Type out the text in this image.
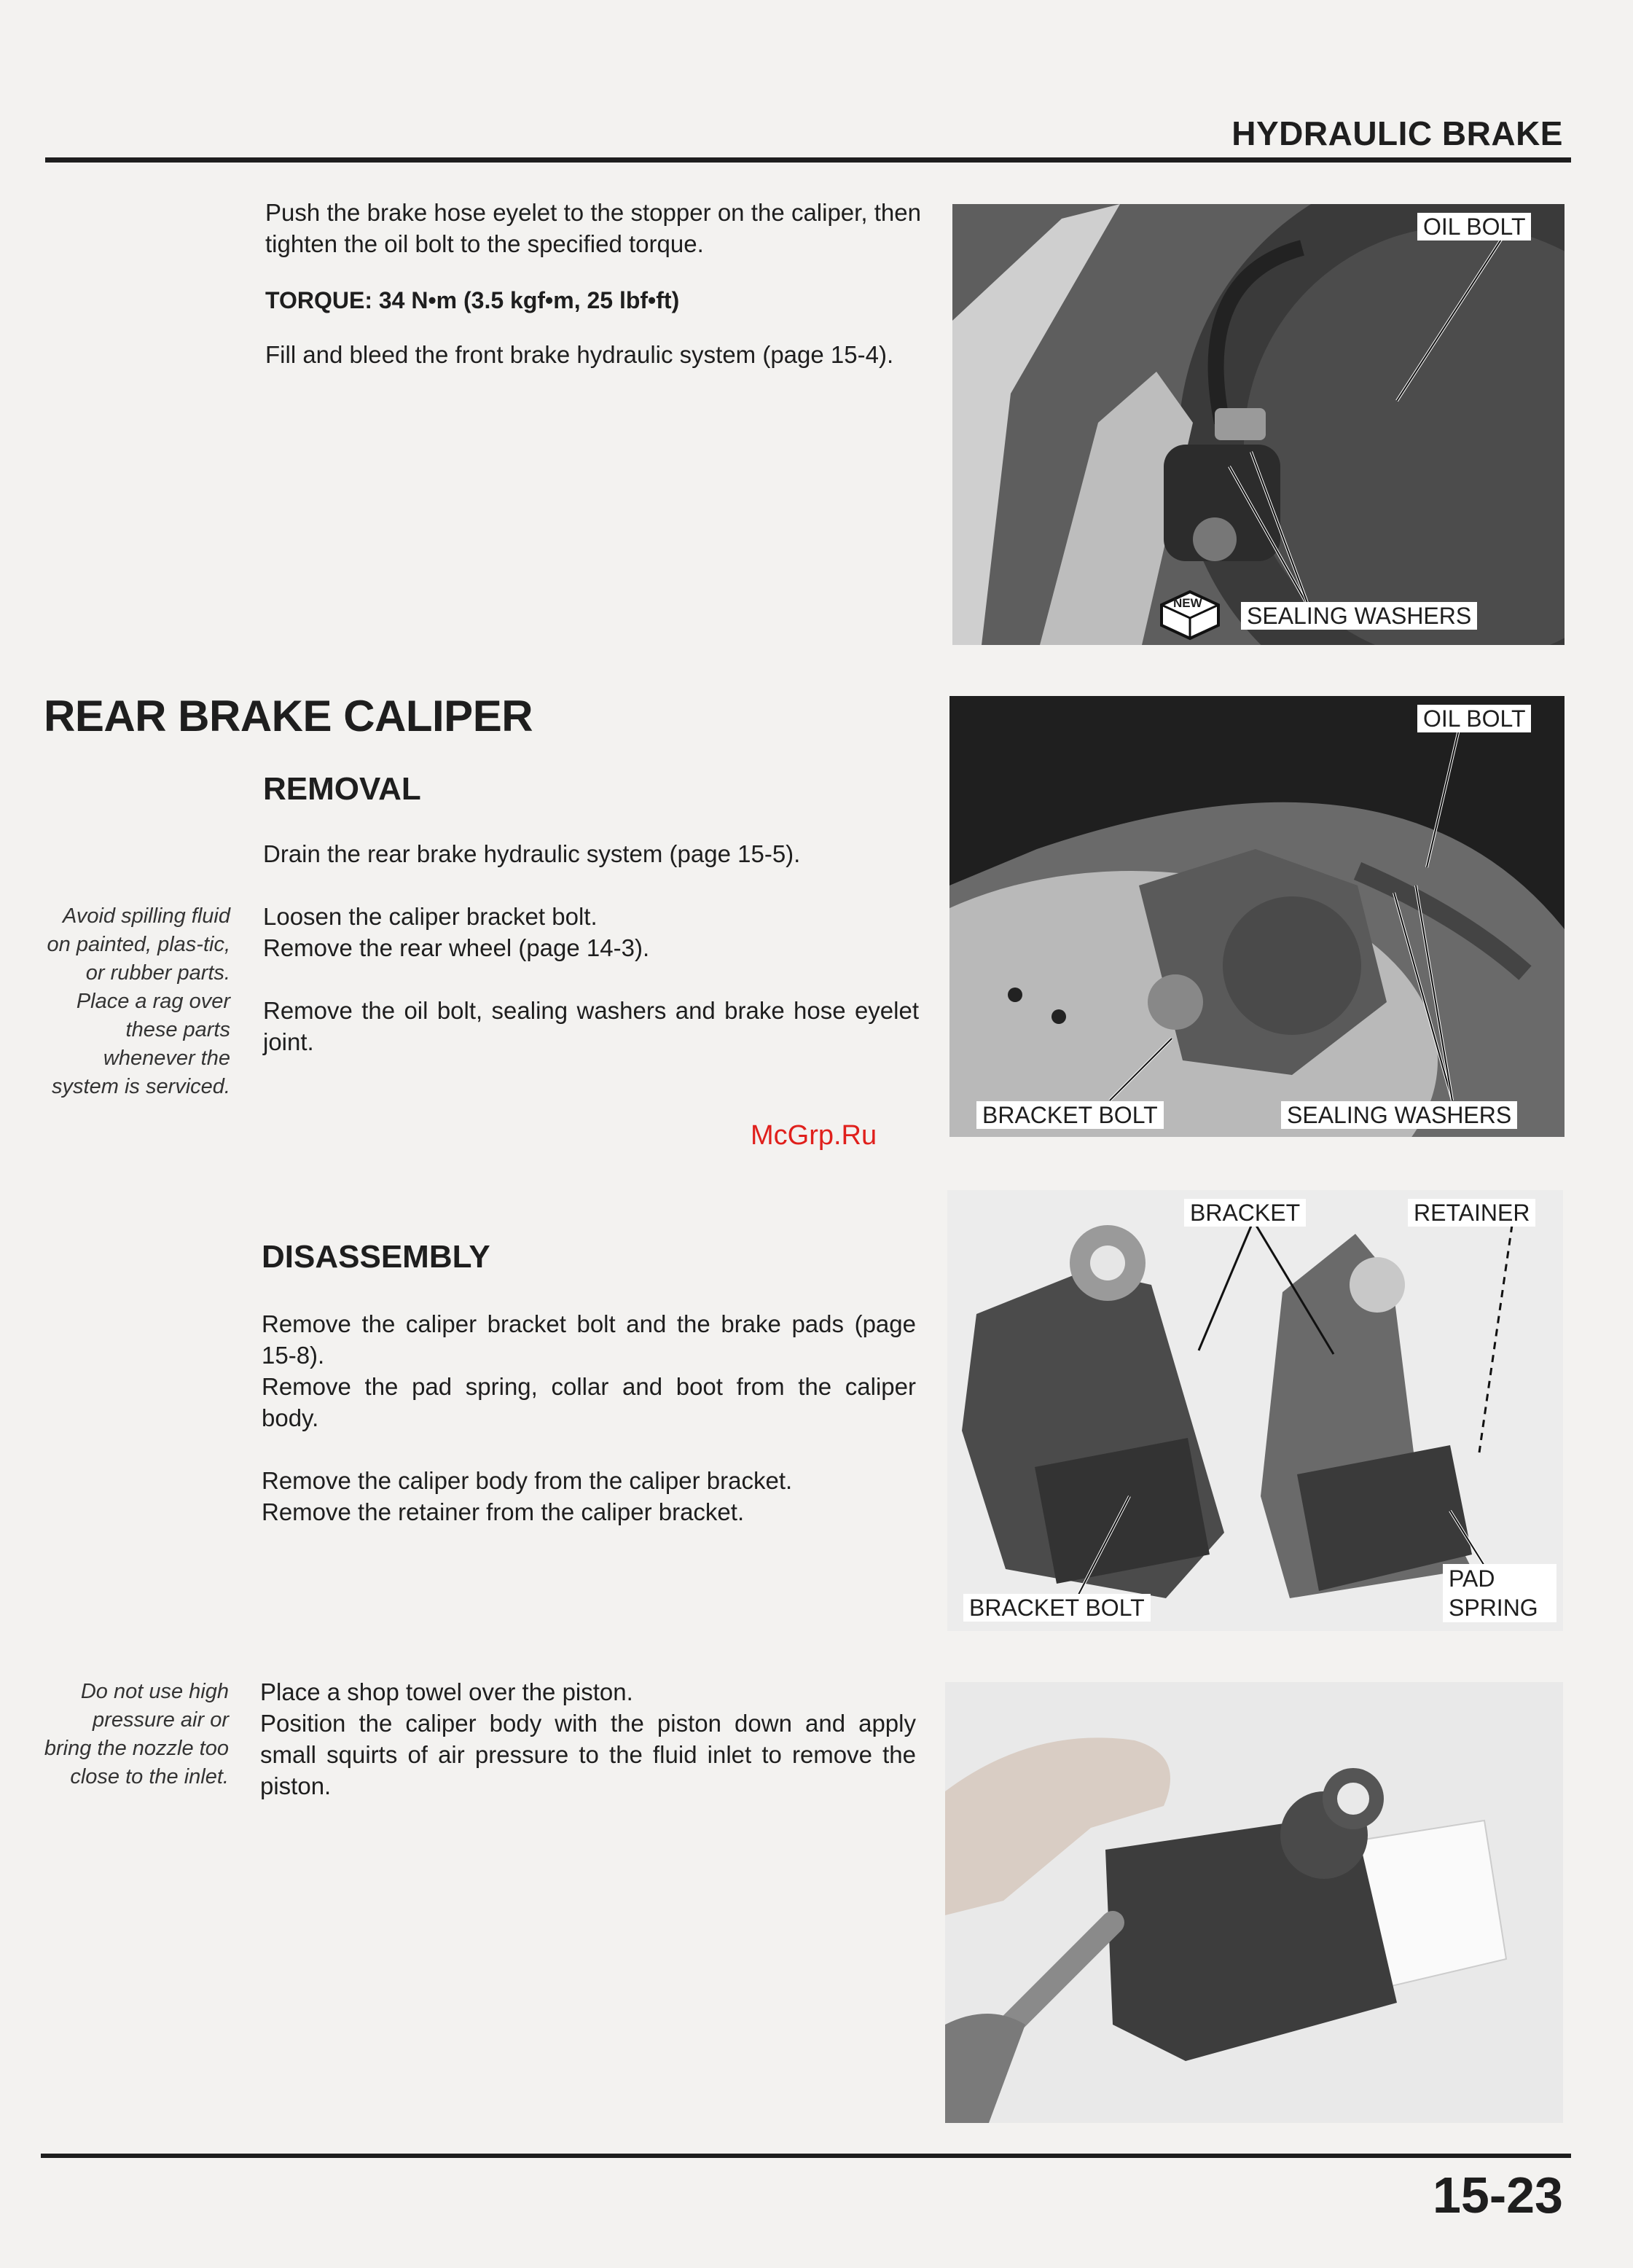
HYDRAULIC BRAKE

Push the brake hose eyelet to the stopper on the caliper, then tighten the oil bolt to the specified torque.

TORQUE: 34 N•m (3.5 kgf•m, 25 lbf•ft)

Fill and bleed the front brake hydraulic system (page 15-4).

OIL BOLT
NEW SEALING WASHERS
REAR BRAKE CALIPER
REMOVAL
Drain the rear brake hydraulic system (page 15-5).
Loosen the caliper bracket bolt.
Remove the rear wheel (page 14-3).
Remove the oil bolt, sealing washers and brake hose eyelet joint.
Avoid spilling fluid on painted, plas-tic, or rubber parts. Place a rag over these parts whenever the system is serviced.
OIL BOLT
BRACKET BOLT	SEALING WASHERS
McGrp.Ru
DISASSEMBLY

Remove the caliper bracket bolt and the brake pads (page 15-8).

Remove the pad spring, collar and boot from the caliper body.

Remove the caliper body from the caliper bracket.

Remove the retainer from the caliper bracket.

BRACKET	RETAINER
BRACKET BOLT
PAD SPRING

Place a shop towel over the piston.

Position the caliper body with the piston down and apply small squirts of air pressure to the fluid inlet to remove the piston.

Do not use high pressure air or bring the nozzle too close to the inlet.
15-23
